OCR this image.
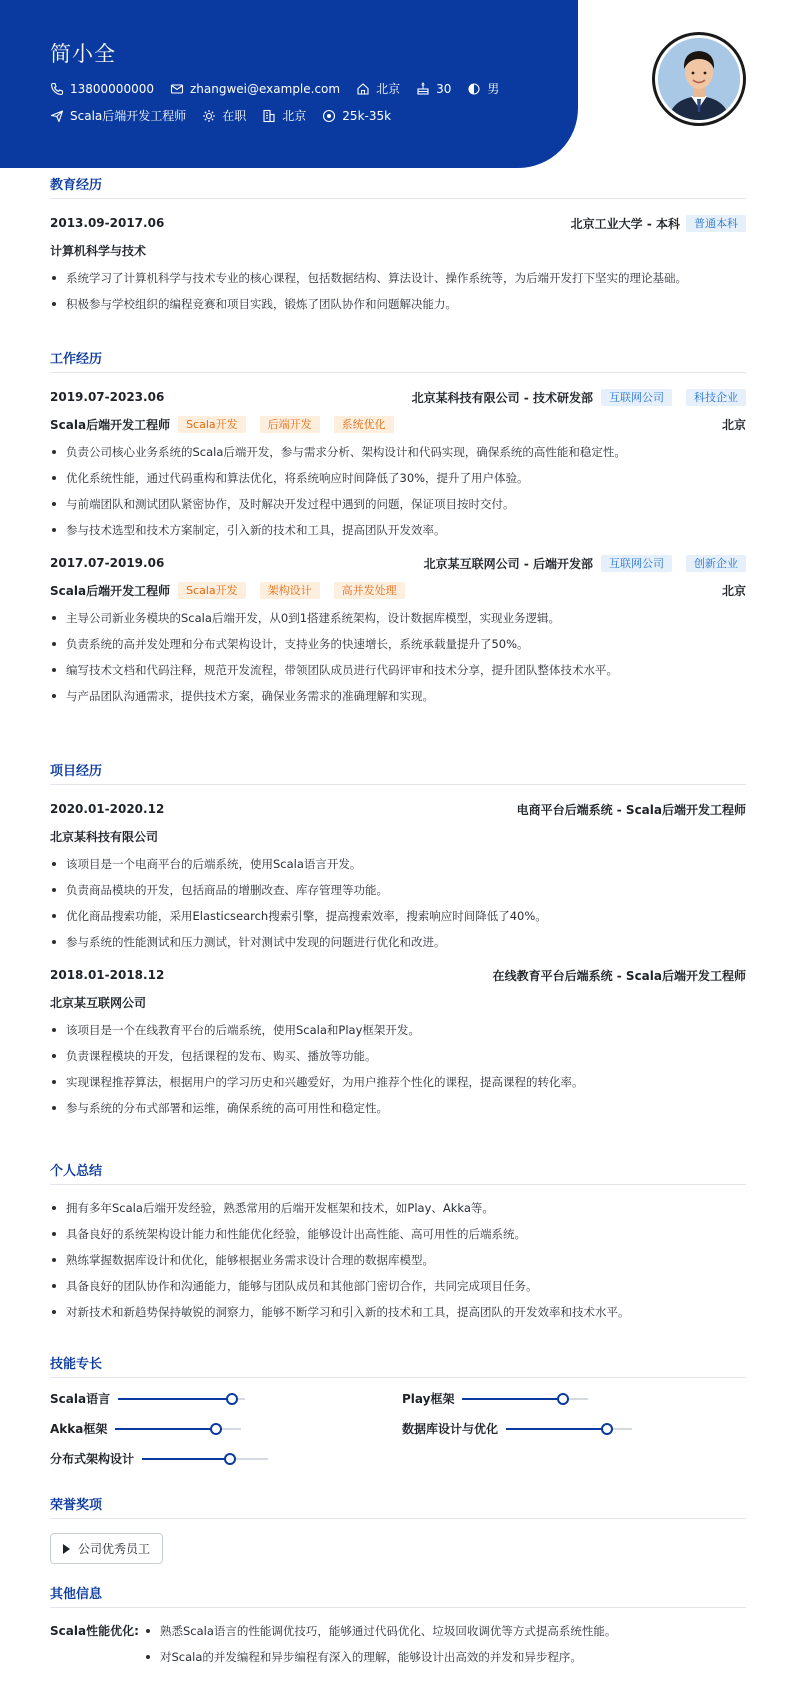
简小全
13800000000	zhangwei@example.com	北京	30	男
Scala后端开发工程师	在职	北京	25k-35k
教育经历
2013.09-2017.06	北京工业大学 - 本科	普通本科
计算机科学与技术
系统学习了计算机科学与技术专业的核心课程，包括数据结构、算法设计、操作系统等，为后端开发打下坚实的理论基础。
积极参与学校组织的编程竞赛和项目实践，锻炼了团队协作和问题解决能力。
工作经历
2019.07-2023.06	北京某科技有限公司 - 技术研发部	互联网公司	科技企业
Scala后端开发工程师	Scala开发	后端开发	系统优化	北京
负责公司核心业务系统的Scala后端开发，参与需求分析、架构设计和代码实现，确保系统的高性能和稳定性。
优化系统性能，通过代码重构和算法优化，将系统响应时间降低了30%，提升了用户体验。
与前端团队和测试团队紧密协作，及时解决开发过程中遇到的问题，保证项目按时交付。
参与技术选型和技术方案制定，引入新的技术和工具，提高团队开发效率。
2017.07-2019.06	北京某互联网公司 - 后端开发部	互联网公司	创新企业
Scala后端开发工程师	Scala开发	架构设计	高并发处理	北京
主导公司新业务模块的Scala后端开发，从0到1搭建系统架构，设计数据库模型，实现业务逻辑。
负责系统的高并发处理和分布式架构设计，支持业务的快速增长，系统承载量提升了50%。
编写技术文档和代码注释，规范开发流程，带领团队成员进行代码评审和技术分享，提升团队整体技术水平。
与产品团队沟通需求，提供技术方案，确保业务需求的准确理解和实现。
项目经历
2020.01-2020.12	电商平台后端系统 - Scala后端开发工程师
北京某科技有限公司
该项目是一个电商平台的后端系统，使用Scala语言开发。
负责商品模块的开发，包括商品的增删改查、库存管理等功能。
优化商品搜索功能，采用Elasticsearch搜索引擎，提高搜索效率，搜索响应时间降低了40%。
参与系统的性能测试和压力测试，针对测试中发现的问题进行优化和改进。
2018.01-2018.12	在线教育平台后端系统 - Scala后端开发工程师
北京某互联网公司
该项目是一个在线教育平台的后端系统，使用Scala和Play框架开发。
负责课程模块的开发，包括课程的发布、购买、播放等功能。
实现课程推荐算法，根据用户的学习历史和兴趣爱好，为用户推荐个性化的课程，提高课程的转化率。
参与系统的分布式部署和运维，确保系统的高可用性和稳定性。
个人总结
拥有多年Scala后端开发经验，熟悉常用的后端开发框架和技术，如Play、Akka等。
具备良好的系统架构设计能力和性能优化经验，能够设计出高性能、高可用性的后端系统。
熟练掌握数据库设计和优化，能够根据业务需求设计合理的数据库模型。
具备良好的团队协作和沟通能力，能够与团队成员和其他部门密切合作，共同完成项目任务。
对新技术和新趋势保持敏锐的洞察力，能够不断学习和引入新的技术和工具，提高团队的开发效率和技术水平。
技能专长
Scala语言	Play框架
Akka框架	数据库设计与优化
分布式架构设计
荣誉奖项
公司优秀员工
其他信息
Scala性能优化:	熟悉Scala语言的性能调优技巧，能够通过代码优化、垃圾回收调优等方式提高系统性能。
对Scala的并发编程和异步编程有深入的理解，能够设计出高效的并发和异步程序。
